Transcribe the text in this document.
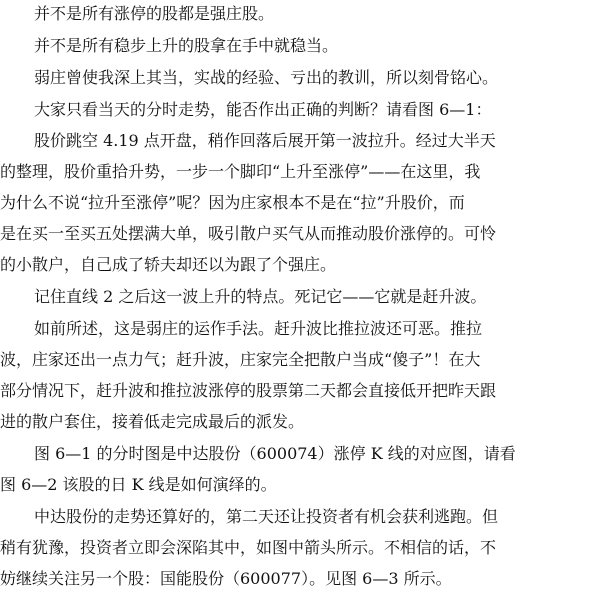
并不是所有涨停的股都是强庄股。
并不是所有稳步上升的股拿在手中就稳当。
弱庄曾使我深上其当，实战的经验、亏出的教训，所以刻骨铭心。
大家只看当天的分时走势，能否作出正确的判断？请看图 6—1：
股价跳空 4.19 点开盘，稍作回落后展开第一波拉升。经过大半天
的整理，股价重拾升势，一步一个脚印“上升至涨停”——在这里，我
为什么不说“拉升至涨停”呢？因为庄家根本不是在“拉”升股价，而
是在买一至买五处摆满大单，吸引散户买气从而推动股价涨停的。可怜
的小散户，自己成了轿夫却还以为跟了个强庄。
记住直线 2 之后这一波上升的特点。死记它——它就是赶升波。
如前所述，这是弱庄的运作手法。赶升波比推拉波还可恶。推拉
波，庄家还出一点力气；赶升波，庄家完全把散户当成“傻子”！在大
部分情况下，赶升波和推拉波涨停的股票第二天都会直接低开把昨天跟
进的散户套住，接着低走完成最后的派发。
图 6—1 的分时图是中达股份（600074）涨停 K 线的对应图，请看
图 6—2 该股的日 K 线是如何演绎的。
中达股份的走势还算好的，第二天还让投资者有机会获利逃跑。但
稍有犹豫，投资者立即会深陷其中，如图中箭头所示。不相信的话，不
妨继续关注另一个股：国能股份（600077）。见图 6—3 所示。
